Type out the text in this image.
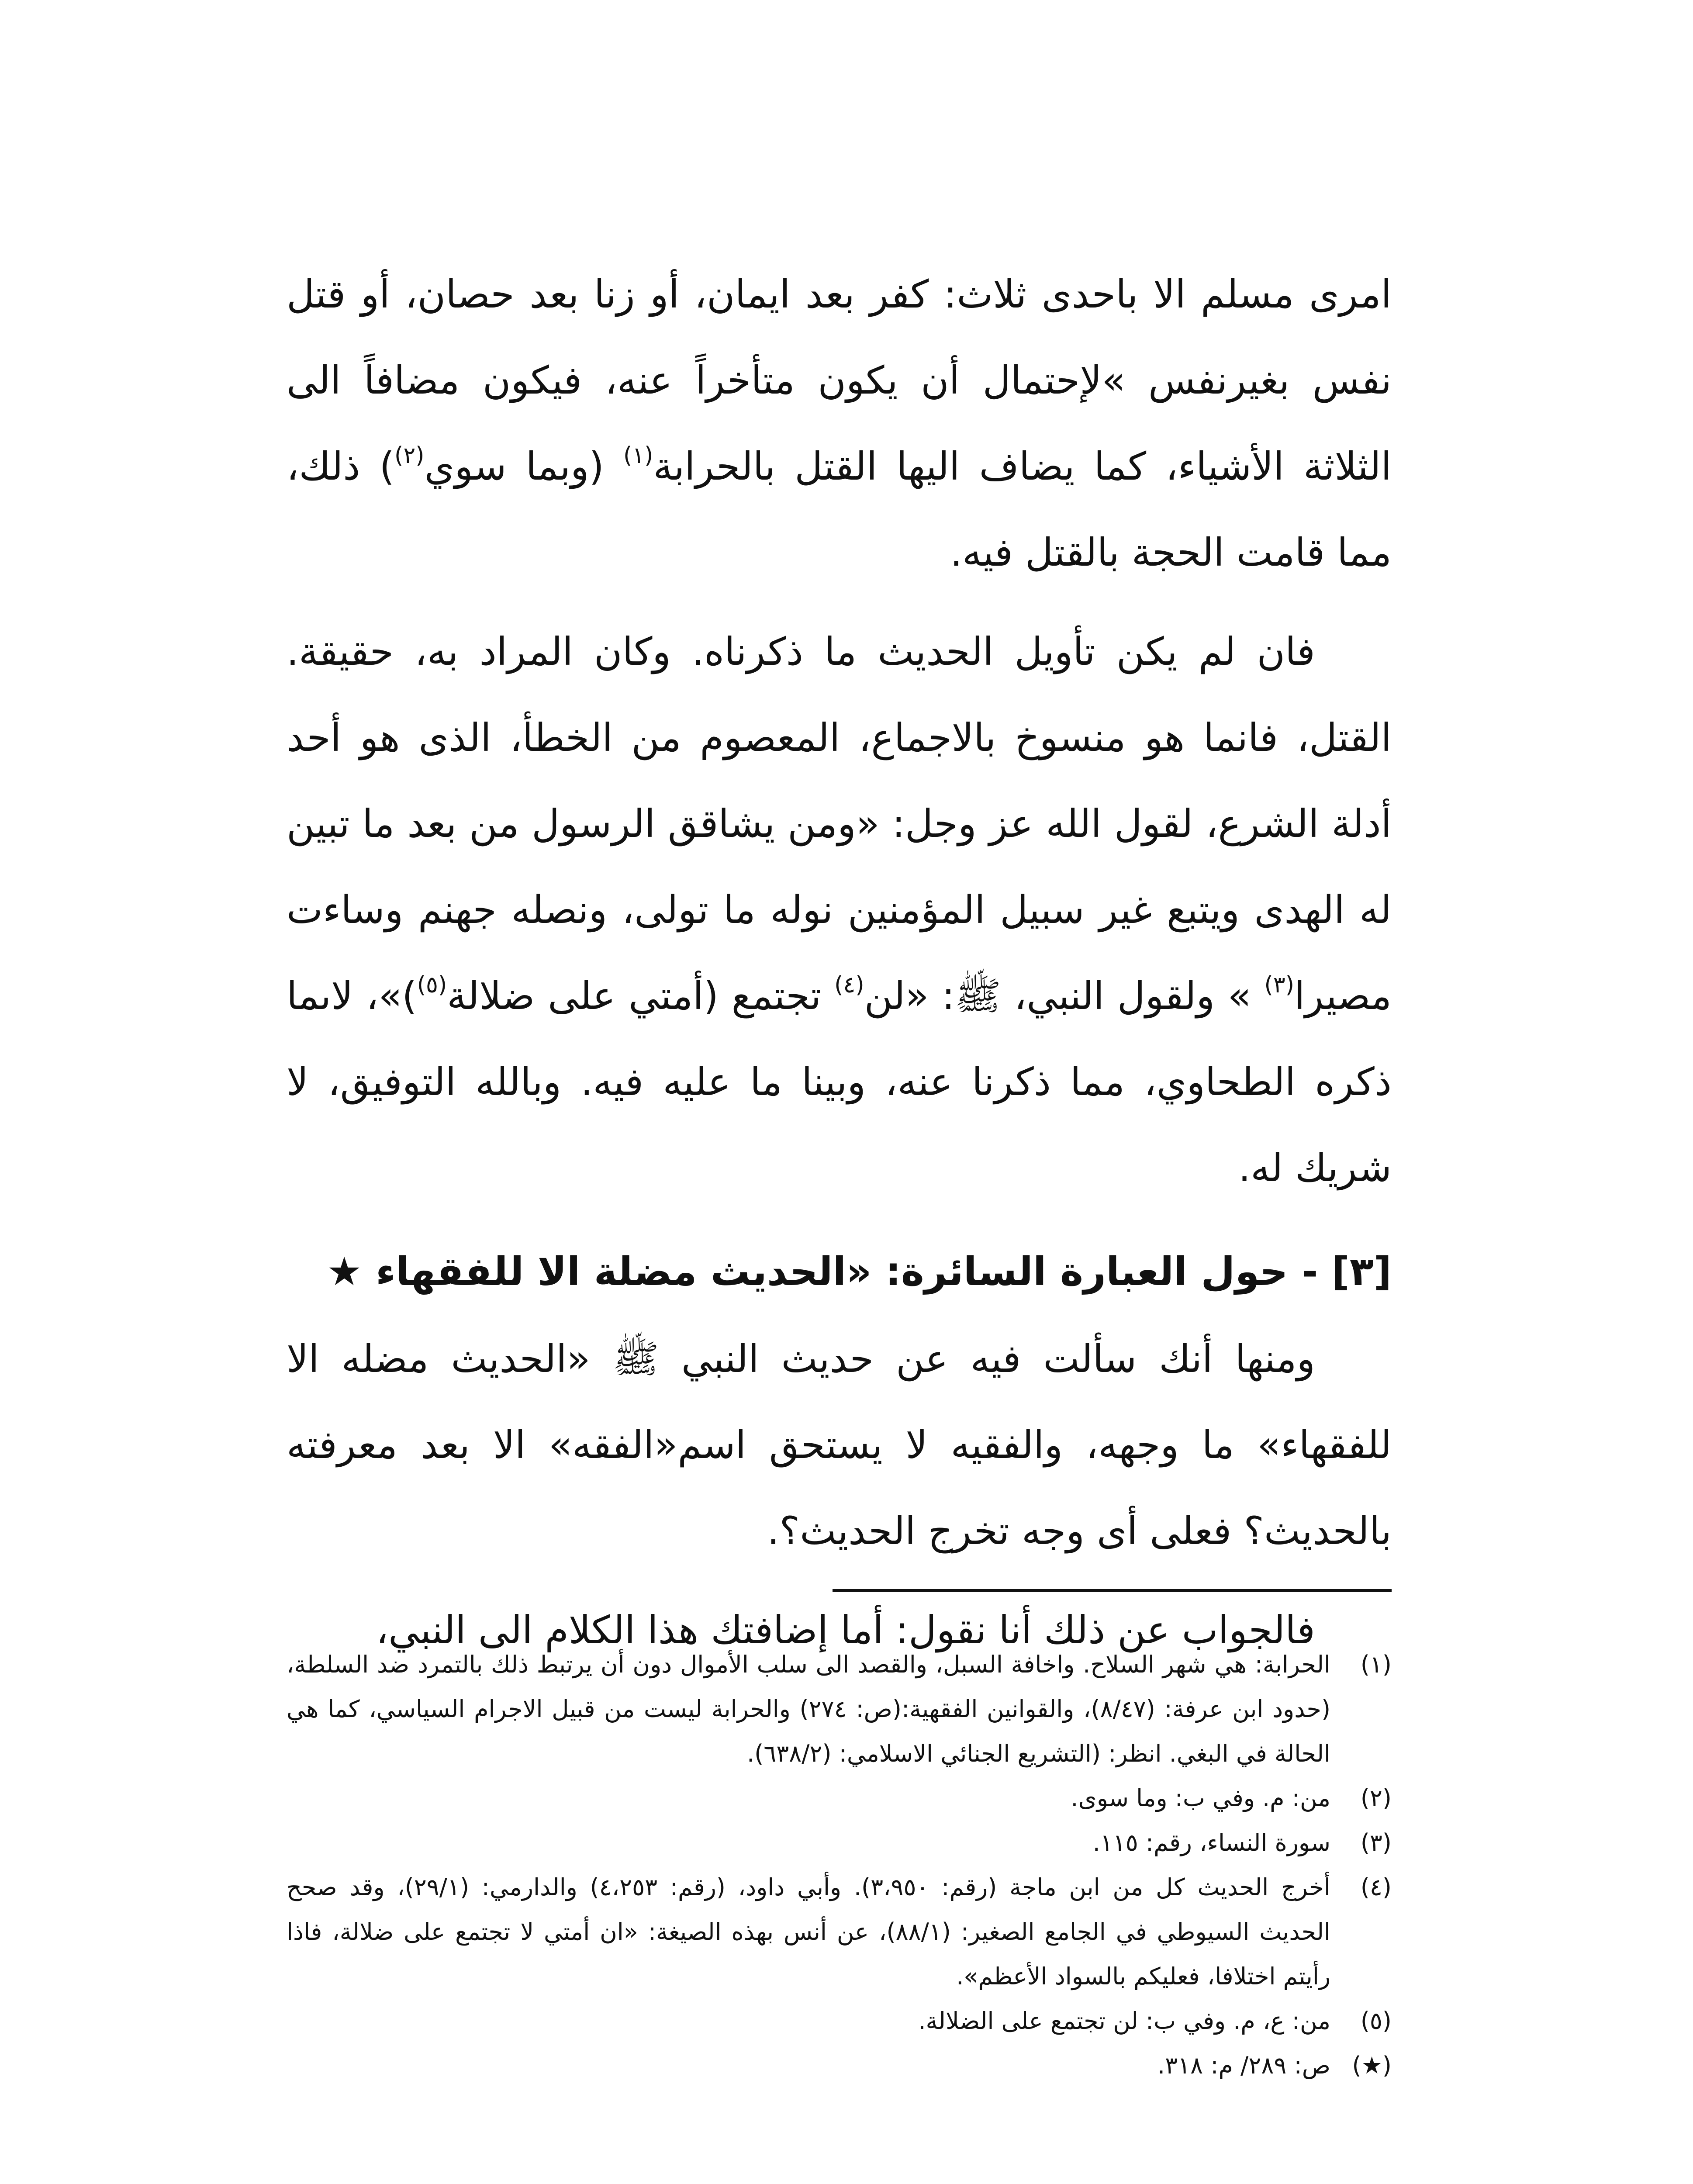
امرى مسلم الا باحدى ثلاث: كفر بعد ايمان، أو زنا بعد حصان، أو قتل نفس بغيرنفس »لإحتمال أن يكون متأخراً عنه، فيكون مضافاً الى الثلاثة الأشياء، كما يضاف اليها القتل بالحرابة$^{(١)}$ (وبما سوي$^{(٢)}$) ذلك، مما قامت الحجة بالقتل فيه.

فان لم يكن تأويل الحديث ما ذكرناه. وكان المراد به، حقيقة. القتل، فانما هو منسوخ بالاجماع، المعصوم من الخطأ، الذى هو أحد أدلة الشرع، لقول الله عز وجل: «ومن يشاقق الرسول من بعد ما تبين له الهدى ويتبع غير سبيل المؤمنين نوله ما تولى، ونصله جهنم وساءت مصيرا$^{(٣)}$ » ولقول النبي، ﷺ: «لن$^{(٤)}$ تجتمع (أمتي على ضلالة$^{(٥)}$)»، لاىما ذكره الطحاوي، مما ذكرنا عنه، وبينا ما عليه فيه. وبالله التوفيق، لا شريك له.

[٣] - حول العبارة السائرة: «الحديث مضلة الا للفقهاء ★

ومنها أنك سألت فيه عن حديث النبي ﷺ «الحديث مضله الا للفقهاء» ما وجهه، والفقيه لا يستحق اسم«الفقه» الا بعد معرفته بالحديث؟ فعلى أى وجه تخرج الحديث؟.

فالجواب عن ذلك أنا نقول: أما إضافتك هذا الكلام الى النبي،

(١)
الحرابة: هي شهر السلاح. واخافة السبل، والقصد الى سلب الأموال دون أن يرتبط ذلك بالتمرد ضد السلطة، (حدود ابن عرفة: (٨/٤٧)، والقوانين الفقهية:(ص: ٢٧٤) والحرابة ليست من قبيل الاجرام السياسي، كما هي الحالة في البغي. انظر: (التشريع الجنائي الاسلامي: (٦٣٨/٢).
(٢)
من: م. وفي ب: وما سوى.
(٣)
سورة النساء، رقم: ١١٥.
(٤)
أخرج الحديث كل من ابن ماجة (رقم: ٣،٩٥٠). وأبي داود، (رقم: ٤،٢٥٣) والدارمي: (٢٩/١)، وقد صحح الحديث السيوطي في الجامع الصغير: (٨٨/١)، عن أنس بهذه الصيغة: «ان أمتي لا تجتمع على ضلالة، فاذا رأيتم اختلافا، فعليكم بالسواد الأعظم».
(٥)
من: ع، م. وفي ب: لن تجتمع على الضلالة.
(★)
ص: ٢٨٩/ م: ٣١٨.
